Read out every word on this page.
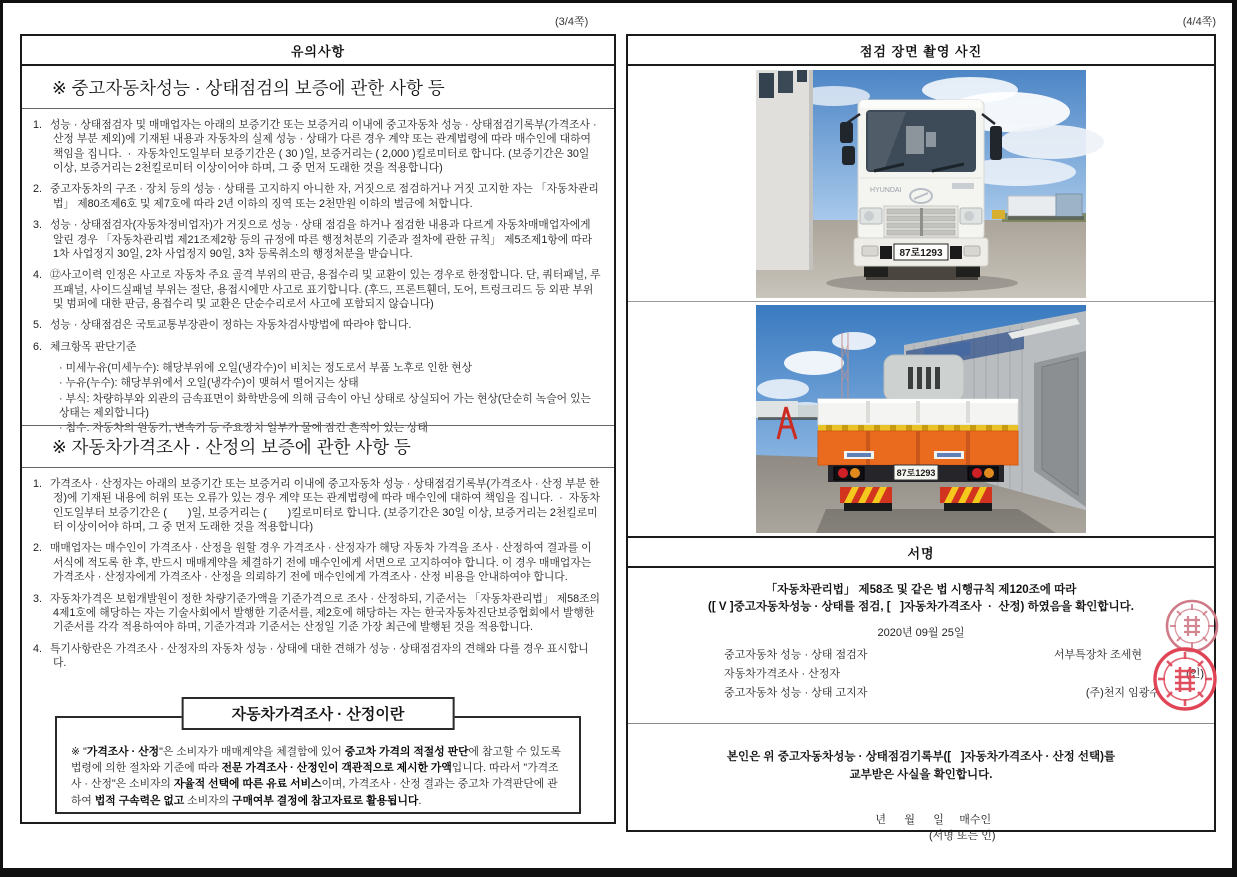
(3/4쪽)	(4/4쪽)
유의사항
※ 중고자동차성능 · 상태점검의 보증에 관한 사항 등
1. 성능 · 상태점검자 및 매매업자는 아래의 보증기간 또는 보증거리 이내에 중고자동차 성능 · 상태점검기록부(가격조사 · 산정 부분 제외)에 기재된 내용과 자동차의 실제 성능 · 상태가 다른 경우 계약 또는 관계법령에 따라 매수인에 대하여 책임을 집니다.  ·  자동차인도일부터 보증기간은 ( 30 )일, 보증거리는 ( 2,000 )킬로미터로 합니다. (보증기간은 30일 이상, 보증거리는 2천킬로미터 이상이어야 하며, 그 중 먼저 도래한 것을 적용합니다)
2. 중고자동차의 구조 · 장치 등의 성능 · 상태를 고지하지 아니한 자, 거짓으로 점검하거나 거짓 고지한 자는 「자동차관리법」 제80조제6호 및 제7호에 따라 2년 이하의 징역 또는 2천만원 이하의 벌금에 처합니다.
3. 성능 · 상태점검자(자동차정비업자)가 거짓으로 성능 · 상태 점검을 하거나 점검한 내용과 다르게 자동차매매업자에게 알린 경우 「자동차관리법 제21조제2항 등의 규정에 따른 행정처분의 기준과 절차에 관한 규칙」 제5조제1항에 따라 1차 사업정지 30일, 2차 사업정지 90일, 3차 등록취소의 행정처분을 받습니다.
4. ⑫사고이력 인정은 사고로 자동차 주요 골격 부위의 판금, 용접수리 및 교환이 있는 경우로 한정합니다. 단, 쿼터패널, 루프패널, 사이드실패널 부위는 절단, 용접시에만 사고로 표기합니다. (후드, 프론트휀더, 도어, 트렁크리드 등 외판 부위 및 범퍼에 대한 판금, 용접수리 및 교환은 단순수리로서 사고에 포함되지 않습니다)
5. 성능 · 상태점검은 국토교통부장관이 정하는 자동차검사방법에 따라야 합니다.
6. 체크항목 판단기준
· 미세누유(미세누수): 해당부위에 오일(냉각수)이 비치는 정도로서 부품 노후로 인한 현상
· 누유(누수): 해당부위에서 오일(냉각수)이 맺혀서 떨어지는 상태
· 부식: 차량하부와 외관의 금속표면이 화학반응에 의해 금속이 아닌 상태로 상실되어 가는 현상(단순히 녹슬어 있는 상태는 제외합니다)
· 침수: 자동차의 원동기, 변속기 등 주요장치 일부가 물에 잠긴 흔적이 있는 상태
※ 자동차가격조사 · 산정의 보증에 관한 사항 등
1. 가격조사 · 산정자는 아래의 보증기간 또는 보증거리 이내에 중고자동차 성능 · 상태점검기록부(가격조사 · 산정 부분 한정)에 기재된 내용에 허위 또는 오류가 있는 경우 계약 또는 관계법령에 따라 매수인에 대하여 책임을 집니다.  ·  자동차인도일부터 보증기간은 (       )일, 보증거리는 (       )킬로미터로 합니다. (보증기간은 30일 이상, 보증거리는 2천킬로미터 이상이어야 하며, 그 중 먼저 도래한 것을 적용합니다)
2. 매매업자는 매수인이 가격조사 · 산정을 원할 경우 가격조사 · 산정자가 해당 자동차 가격을 조사 · 산정하여 결과를 이 서식에 적도록 한 후, 반드시 매매계약을 체결하기 전에 매수인에게 서면으로 고지하여야 합니다. 이 경우 매매업자는 가격조사 · 산정자에게 가격조사 · 산정을 의뢰하기 전에 매수인에게 가격조사 · 산정 비용을 안내하여야 합니다.
3. 자동차가격은 보험개발원이 정한 차량기준가액을 기준가격으로 조사 · 산정하되, 기준서는 「자동차관리법」 제58조의4제1호에 해당하는 자는 기술사회에서 발행한 기준서를, 제2호에 해당하는 자는 한국자동차진단보증협회에서 발행한 기준서를 각각 적용하여야 하며, 기준가격과 기준서는 산정일 기준 가장 최근에 발행된 것을 적용합니다.
4. 특기사항란은 가격조사 · 산정자의 자동차 성능 · 상태에 대한 견해가 성능 · 상태점검자의 견해와 다를 경우 표시합니다.
자동차가격조사 · 산정이란

※ "가격조사 · 산정"은 소비자가 매매계약을 체결함에 있어 중고차 가격의 적절성 판단에 참고할 수 있도록 법령에 의한 절차와 기준에 따라 전문 가격조사 · 산정인이 객관적으로 제시한 가액입니다. 따라서 "가격조사 · 산정"은 소비자의 자율적 선택에 따른 유료 서비스이며, 가격조사 · 산정 결과는 중고차 가격판단에 관하여 법적 구속력은 없고 소비자의 구매여부 결정에 참고자료로 활용됩니다.

점검 장면 촬영 사진
HYUNDAI
87로1293
87로1293
서명
「자동차관리법」 제58조 및 같은 법 시행규칙 제120조에 따라
([ V ]중고자동차성능 · 상태를 점검, [   ]자동차가격조사  ·  산정) 하였음을 확인합니다.
2020년 09월 25일
중고자동차 성능 · 상태 점검자	서부특장차 조세현
자동차가격조사 · 산정자	(인)
중고자동차 성능 · 상태 고지자	(주)천지 임광수
본인은 위 중고자동차성능 · 상태점검기록부([   ]자동차가격조사 · 산정 선택)를
교부받은 사실을 확인합니다.

년      월      일     매수인
(서명 또는 인)
